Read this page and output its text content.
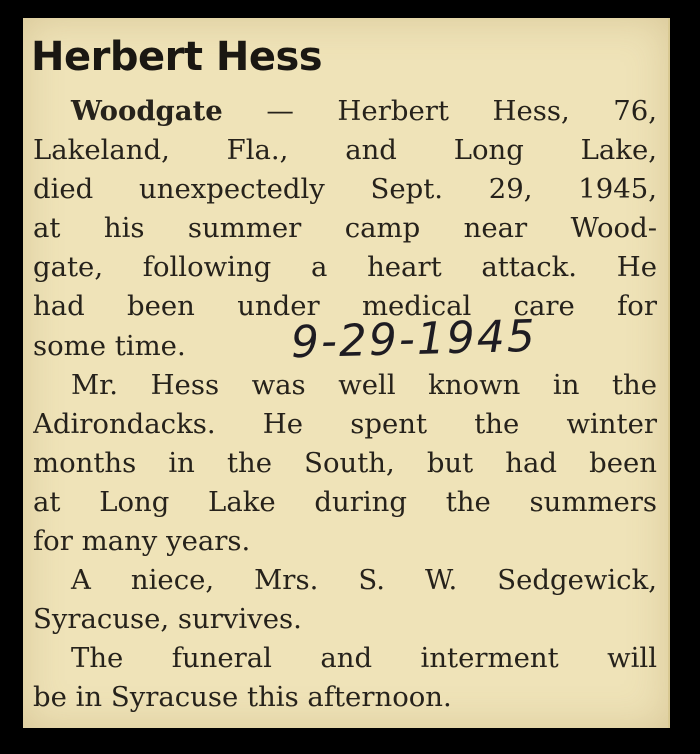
Herbert Hess
Woodgate — Herbert Hess, 76,
Lakeland, Fla., and Long Lake,
died unexpectedly Sept. 29, 1945,
at his summer camp near Wood-
gate, following a heart attack. He
had been under medical care for
some time.
Mr. Hess was well known in the
Adirondacks. He spent the winter
months in the South, but had been
at Long Lake during the summers
for many years.
A niece, Mrs. S. W. Sedgewick,
Syracuse, survives.
The funeral and interment will
be in Syracuse this afternoon.
9-29-1945
